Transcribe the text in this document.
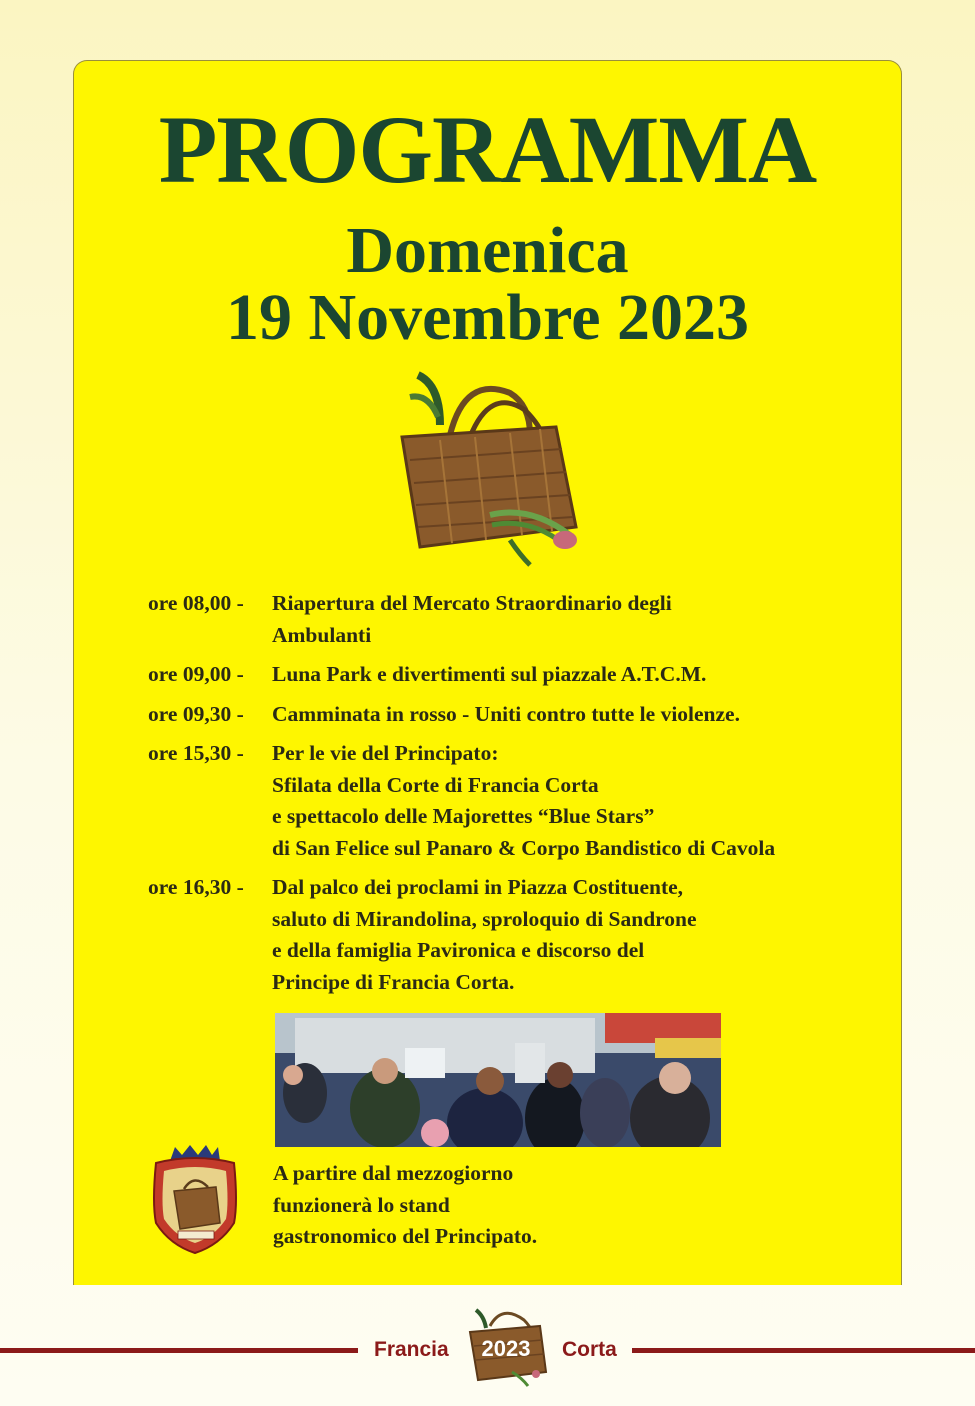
PROGRAMMA
Domenica
19 Novembre 2023
ore 08,00 -	Riapertura del Mercato Straordinario degli
Ambulanti
ore 09,00 -	Luna Park e divertimenti sul piazzale A.T.C.M.
ore 09,30 -	Camminata in rosso - Uniti contro tutte le violenze.
ore 15,30 -	Per le vie del Principato:
Sfilata della Corte di Francia Corta
e spettacolo delle Majorettes “Blue Stars”
di San Felice sul Panaro & Corpo Bandistico di Cavola
ore 16,30 -	Dal palco dei proclami in Piazza Costituente,
saluto di Mirandolina, sproloquio di Sandrone
e della famiglia Pavironica e discorso del
Principe di Francia Corta.
A partire dal mezzogiorno
funzionerà lo stand
gastronomico del Principato.
Francia	Corta
2023
